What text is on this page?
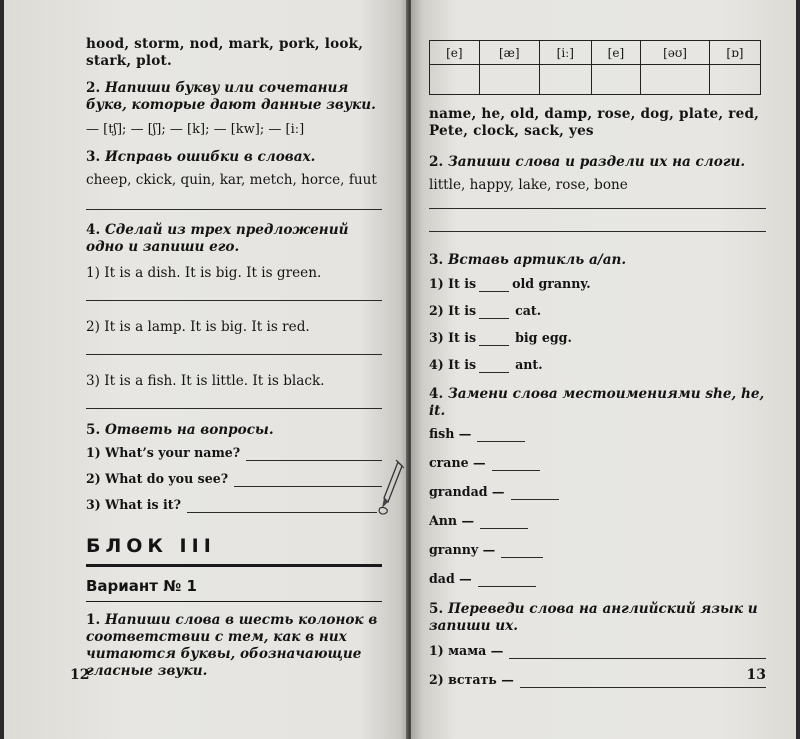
hood, storm, nod, mark, pork, look, stark, plot.

2. Напиши букву или сочетания букв, которые дают данные звуки.

— [tʃ]; — [ʃ]; — [k]; — [kw]; — [iː]

3. Исправь ошибки в словах.

cheep, ckick, quin, kar, metch, horce, fuut

4. Сделай из трех предложений одно и запиши его.

1) It is a dish. It is big. It is green.

2) It is a lamp. It is big. It is red.

3) It is a fish. It is little. It is black.

5. Ответь на вопросы.

1) What’s your name?
2) What do you see?
3) What is it?
БЛОК III
Вариант № 1

1. Напиши слова в шесть колонок в соответствии с тем, как в них читаются буквы, обозначающие гласные звуки.

12
[e]	[æ]	[iː]	[e]	[əʊ]	[ɒ]

name, he, old, damp, rose, dog, plate, red, Pete, clock, sack, yes

2. Запиши слова и раздели их на слоги.

little, happy, lake, rose, bone

3. Вставь артикль a/an.

1) It is	old granny.
2) It is	cat.
3) It is	big egg.
4) It is	ant.

4. Замени слова местоимениями she, he, it.

fish —
crane —
grandad —
Ann —
granny —
dad —

5. Переведи слова на английский язык и запиши их.

1) мама —
2) встать —	13
